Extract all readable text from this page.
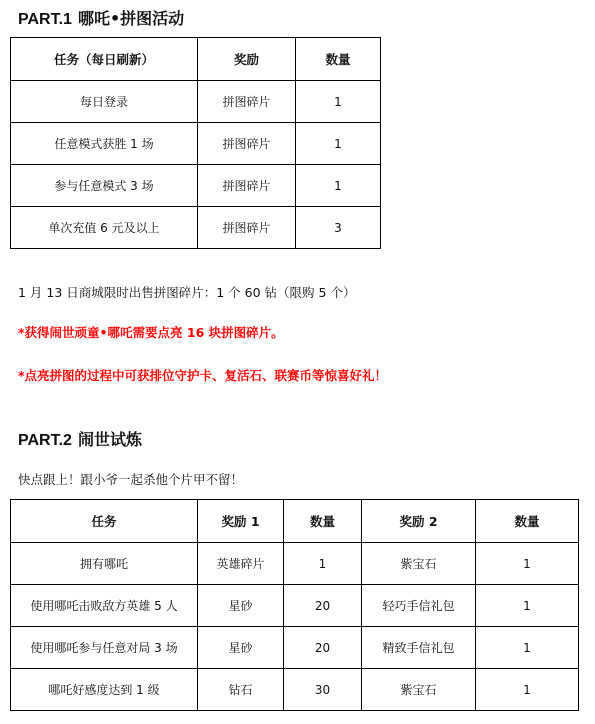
PART.1 哪吒•拼图活动
任务（每日刷新）	奖励	数量
每日登录	拼图碎片	1
任意模式获胜 1 场	拼图碎片	1
参与任意模式 3 场	拼图碎片	1
单次充值 6 元及以上	拼图碎片	3

1 月 13 日商城限时出售拼图碎片：1 个 60 钻（限购 5 个）

*获得闹世顽童•哪吒需要点亮 16 块拼图碎片。

*点亮拼图的过程中可获排位守护卡、复活石、联赛币等惊喜好礼！

PART.2 闹世试炼

快点跟上！跟小爷一起杀他个片甲不留！

任务	奖励 1	数量	奖励 2	数量
拥有哪吒	英雄碎片	1	紫宝石	1
使用哪吒击败敌方英雄 5 人	星砂	20	轻巧手信礼包	1
使用哪吒参与任意对局 3 场	星砂	20	精致手信礼包	1
哪吒好感度达到 1 级	钻石	30	紫宝石	1
